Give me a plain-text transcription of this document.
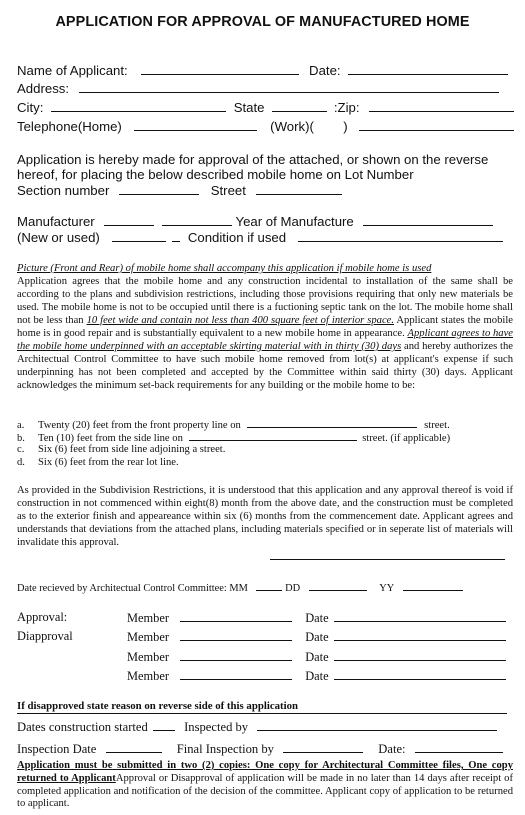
APPLICATION FOR APPROVAL OF MANUFACTURED HOME
Name of Applicant:	Date:
Address:
City:	State	:Zip:
Telephone(Home)	(Work)( )
Application is hereby made for approval of the attached, or shown on the reverse
hereof, for placing the below described mobile home on Lot Number
Section number	Street
Manufacturer	Year of Manufacture
(New or used)	Condition if used
Picture (Front and Rear) of mobile home shall accompany this application if mobile home is used
Application agrees that the mobile home and any construction incidental to installation of the same shall be according to the plans and subdivision restrictions, including those provisions requiring that only new materials be used. The mobile home is not to be occupied until there is a fuctioning septic tank on the lot. The mobile home shall not be less than 10 feet wide and contain not less than 400 square feet of interior space. Applicant states the mobile home is in good repair and is substantially equivalent to a new mobile home in appearance. Applicant agrees to have the mobile home underpinned with an acceptable skirting material with in thirty (30) days and hereby authorizes the Architectual Control Committee to have such mobile home removed from lot(s) at applicant's expense if such underpinning has not been completed and accepted by the Committee within said thirty (30) days. Applicant acknowledges the minimum set-back requirements for any building or the mobile home to be:
a. Twenty (20) feet from the front property line on	street.
b. Ten (10) feet from the side line on	street. (if applicable)
c. Six (6) feet from side line adjoining a street.
d. Six (6) feet from the rear lot line.
As provided in the Subdivision Restrictions, it is understood that this application and any approval thereof is void if construction in not commenced within eight(8) month from the above date, and the construction must be completed as to the exterior finish and appeareance within six (6) months from the commencement date. Applicant agrees and understands that deviations from the attached plans, including materials specified or in seperate list of materials will invalidate this approval.
Date recieved by Architectual Control Committee: MM	DD	YY
Approval:
Diapproval
Member	Date
Member	Date
Member	Date
Member	Date
If disapproved state reason on reverse side of this application
Dates construction started	Inspected by
Inspection Date	Final Inspection by	Date:
Application must be submitted in two (2) copies: One copy for Architectural Committee files, One copy returned to ApplicantApproval or Disapproval of application will be made in no later than 14 days after receipt of completed application and notification of the decision of the committee. Applicant copy of application to be returned to applicant.
